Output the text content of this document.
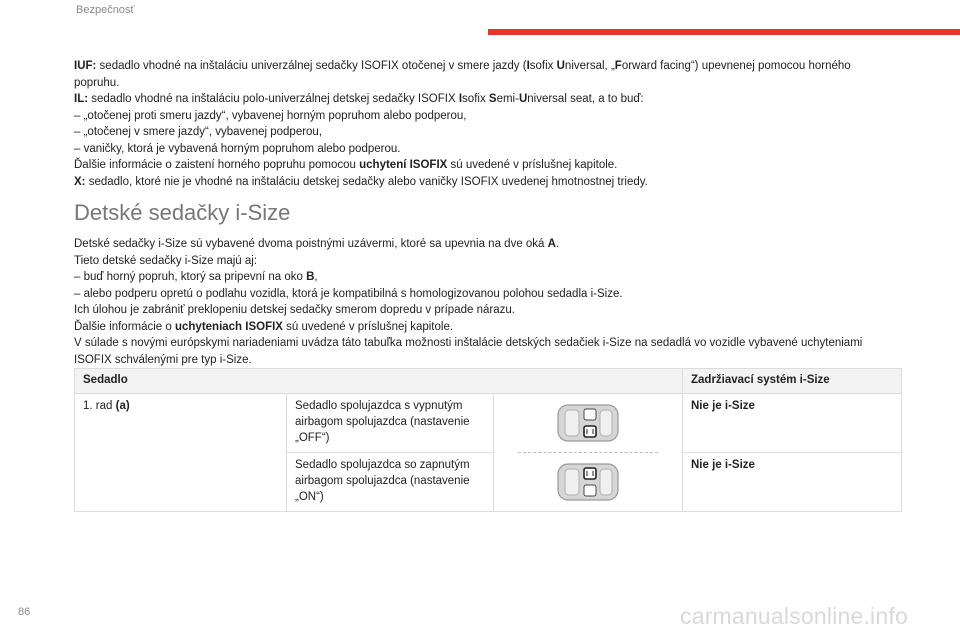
Bezpečnosť

IUF: sedadlo vhodné na inštaláciu univerzálnej sedačky ISOFIX otočenej v smere jazdy (Isofix Universal, „Forward facing“) upevnenej pomocou horného popruhu.

IL: sedadlo vhodné na inštaláciu polo-univerzálnej detskej sedačky ISOFIX Isofix Semi-Universal seat, a to buď:

– „otočenej proti smeru jazdy“, vybavenej horným popruhom alebo podperou,

– „otočenej v smere jazdy“, vybavenej podperou,

– vaničky, ktorá je vybavená horným popruhom alebo podperou.

Ďalšie informácie o zaistení horného popruhu pomocou uchytení ISOFIX sú uvedené v príslušnej kapitole.

X: sedadlo, ktoré nie je vhodné na inštaláciu detskej sedačky alebo vaničky ISOFIX uvedenej hmotnostnej triedy.

Detské sedačky i-Size

Detské sedačky i-Size sú vybavené dvoma poistnými uzávermi, ktoré sa upevnia na dve oká A.

Tieto detské sedačky i-Size majú aj:

– buď horný popruh, ktorý sa pripevní na oko B,

– alebo podperu opretú o podlahu vozidla, ktorá je kompatibilná s homologizovanou polohou sedadla i-Size.

Ich úlohou je zabrániť preklopeniu detskej sedačky smerom dopredu v prípade nárazu.

Ďalšie informácie o uchyteniach ISOFIX sú uvedené v príslušnej kapitole.

V súlade s novými európskymi nariadeniami uvádza táto tabuľka možnosti inštalácie detských sedačiek i-Size na sedadlá vo vozidle vybavené uchyteniami ISOFIX schválenými pre typ i-Size.

Sedadlo			Zadržiavací systém i-Size
1. rad (a)	Sedadlo spolujazdca s vypnutým airbagom spolujazdca (nastavenie „OFF“)		Nie je i-Size

	Sedadlo spolujazdca so zapnutým airbagom spolujazdca (nastavenie „ON“)		Nie je i-Size
86	carmanualsonline.info
